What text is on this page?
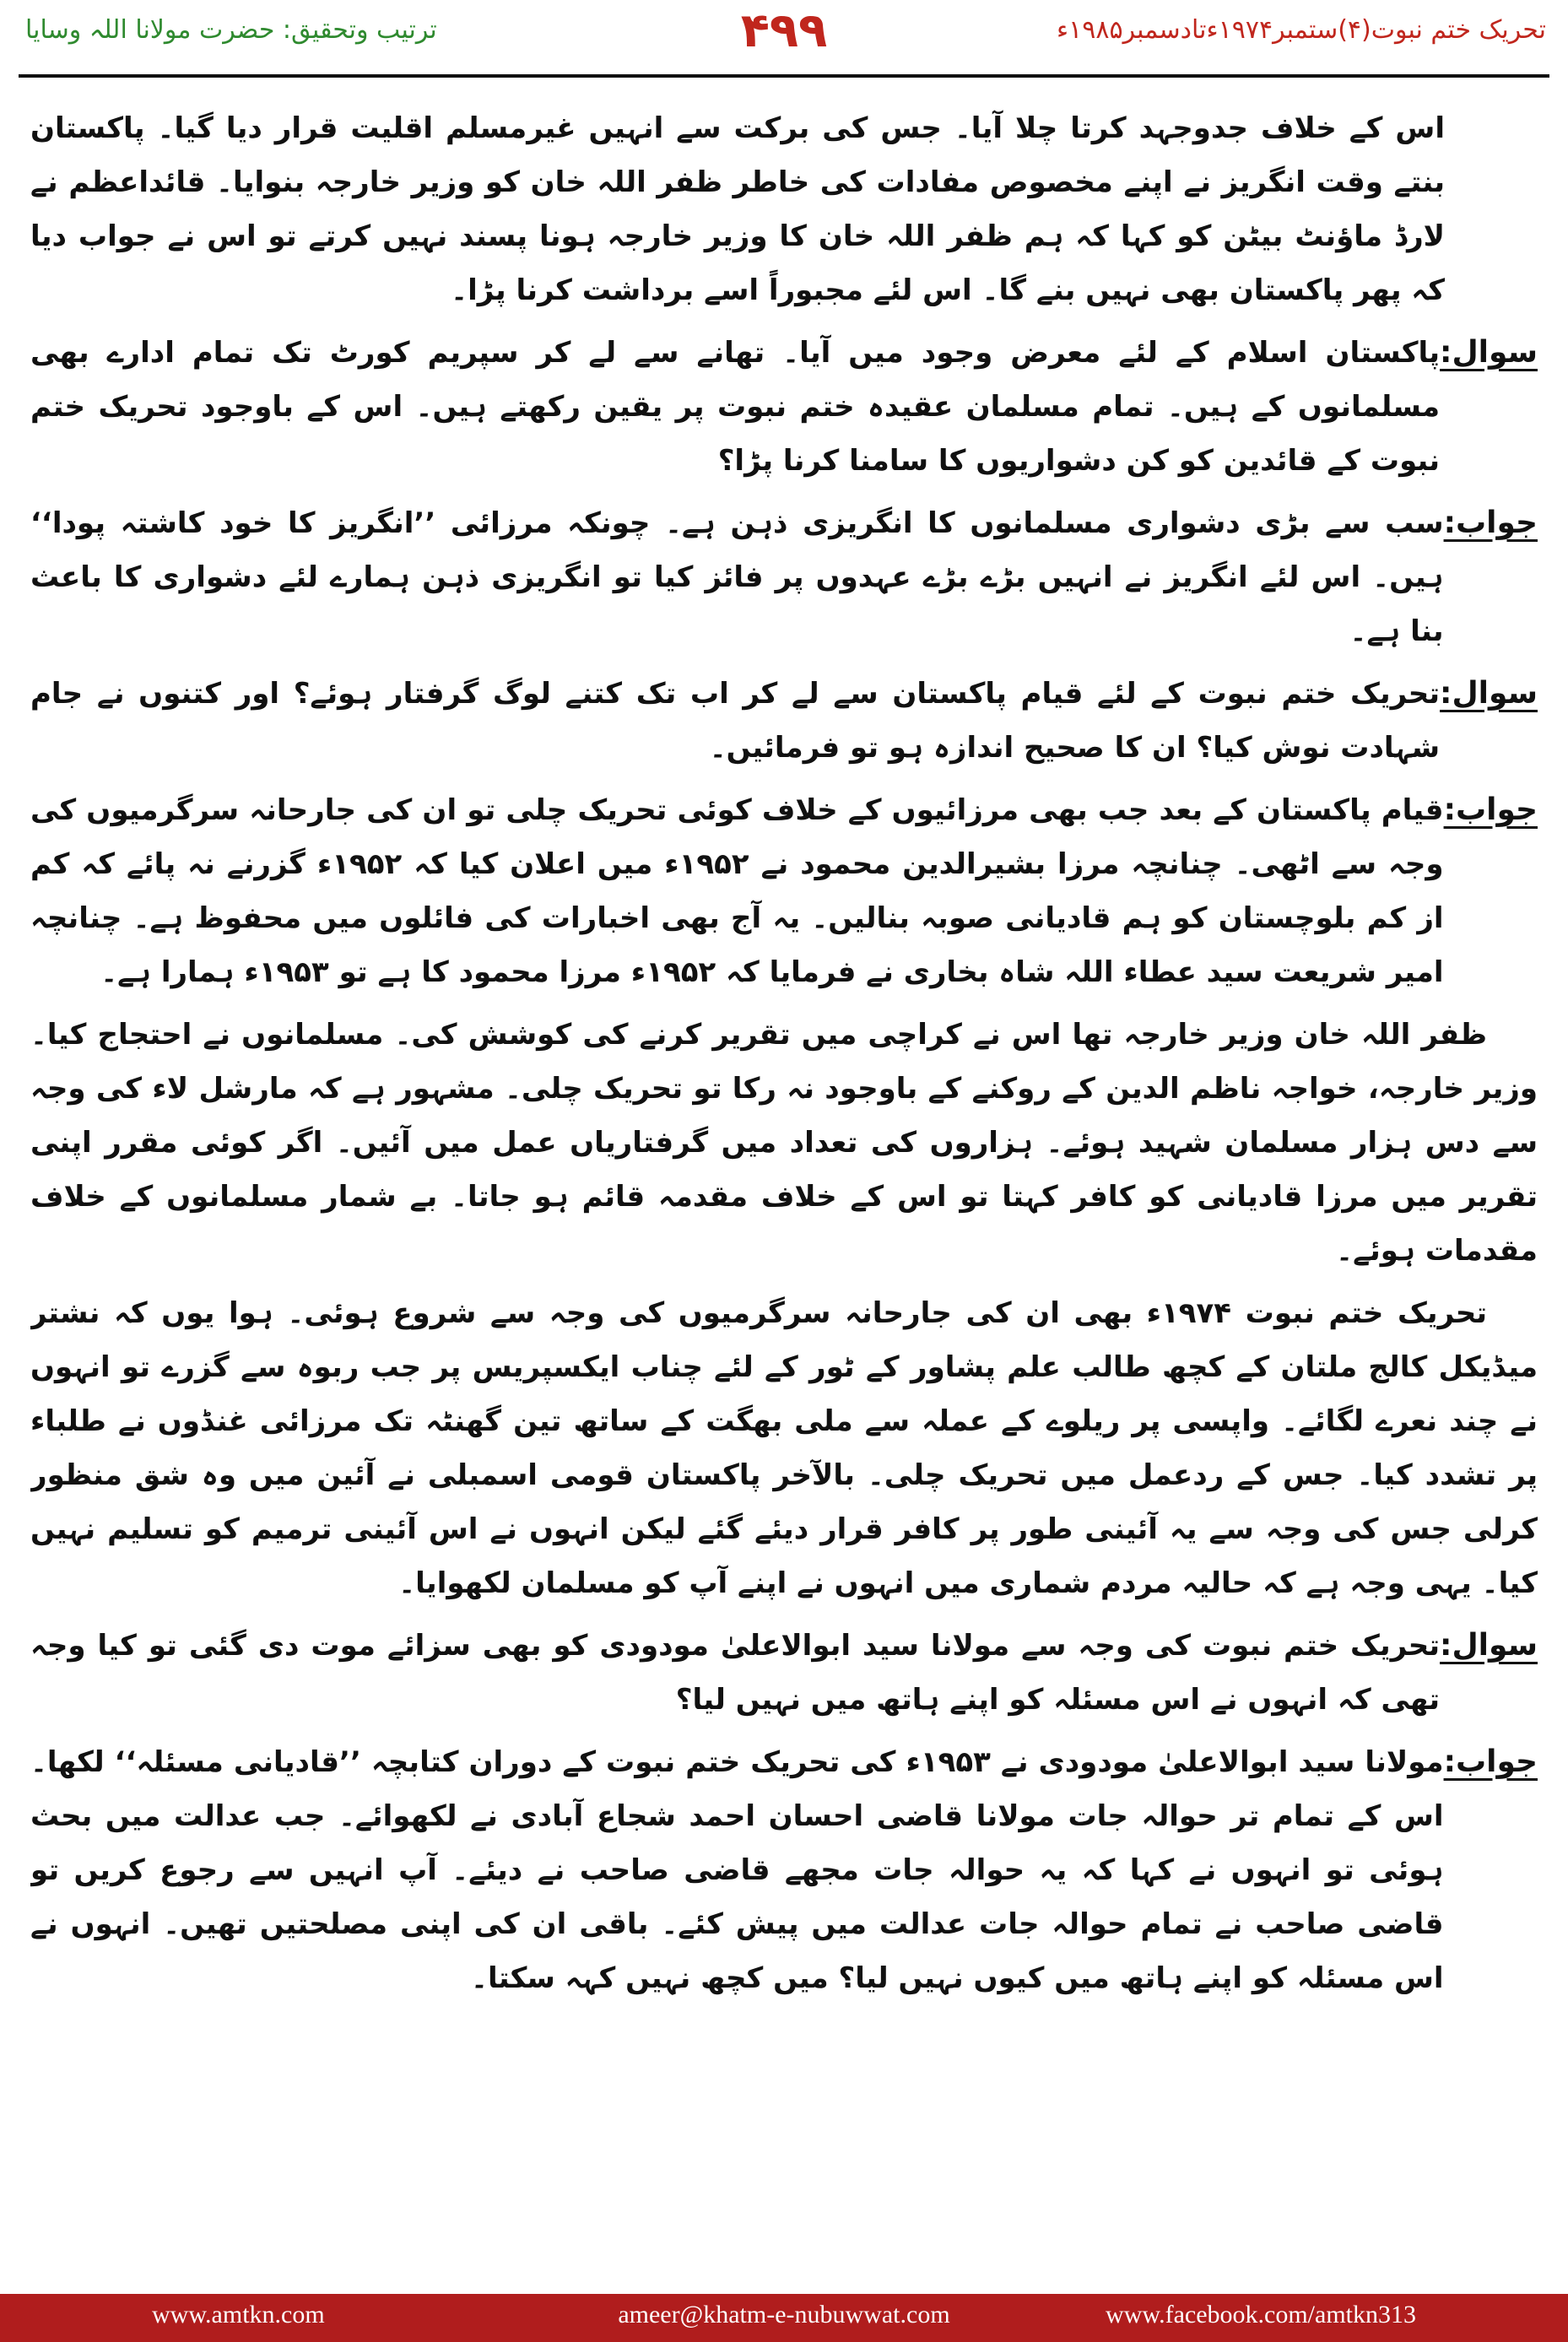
ترتیب وتحقیق: حضرت مولانا اللہ وسایا	۴۹۹	تحریک ختم نبوت(۴)ستمبر۱۹۷۴ءتادسمبر۱۹۸۵ء
اس کے خلاف جدوجہد کرتا چلا آیا۔ جس کی برکت سے انہیں غیرمسلم اقلیت قرار دیا گیا۔ پاکستان بنتے وقت انگریز نے اپنے مخصوص مفادات کی خاطر ظفر اللہ خان کو وزیر خارجہ بنوایا۔ قائداعظم نے لارڈ ماؤنٹ بیٹن کو کہا کہ ہم ظفر اللہ خان کا وزیر خارجہ ہونا پسند نہیں کرتے تو اس نے جواب دیا کہ پھر پاکستان بھی نہیں بنے گا۔ اس لئے مجبوراً اسے برداشت کرنا پڑا۔
سوال:
پاکستان اسلام کے لئے معرض وجود میں آیا۔ تھانے سے لے کر سپریم کورٹ تک تمام ادارے بھی مسلمانوں کے ہیں۔ تمام مسلمان عقیدہ ختم نبوت پر یقین رکھتے ہیں۔ اس کے باوجود تحریک ختم نبوت کے قائدین کو کن دشواریوں کا سامنا کرنا پڑا؟
جواب:
سب سے بڑی دشواری مسلمانوں کا انگریزی ذہن ہے۔ چونکہ مرزائی ’’انگریز کا خود کاشتہ پودا‘‘ ہیں۔ اس لئے انگریز نے انہیں بڑے بڑے عہدوں پر فائز کیا تو انگریزی ذہن ہمارے لئے دشواری کا باعث بنا ہے۔
سوال:
تحریک ختم نبوت کے لئے قیام پاکستان سے لے کر اب تک کتنے لوگ گرفتار ہوئے؟ اور کتنوں نے جام شہادت نوش کیا؟ ان کا صحیح اندازہ ہو تو فرمائیں۔
جواب:
قیام پاکستان کے بعد جب بھی مرزائیوں کے خلاف کوئی تحریک چلی تو ان کی جارحانہ سرگرمیوں کی وجہ سے اٹھی۔ چنانچہ مرزا بشیرالدین محمود نے ۱۹۵۲ء میں اعلان کیا کہ ۱۹۵۲ء گزرنے نہ پائے کہ کم از کم بلوچستان کو ہم قادیانی صوبہ بنالیں۔ یہ آج بھی اخبارات کی فائلوں میں محفوظ ہے۔ چنانچہ امیر شریعت سید عطاء اللہ شاہ بخاری نے فرمایا کہ ۱۹۵۲ء مرزا محمود کا ہے تو ۱۹۵۳ء ہمارا ہے۔
ظفر اللہ خان وزیر خارجہ تھا اس نے کراچی میں تقریر کرنے کی کوشش کی۔ مسلمانوں نے احتجاج کیا۔ وزیر خارجہ، خواجہ ناظم الدین کے روکنے کے باوجود نہ رکا تو تحریک چلی۔ مشہور ہے کہ مارشل لاء کی وجہ سے دس ہزار مسلمان شہید ہوئے۔ ہزاروں کی تعداد میں گرفتاریاں عمل میں آئیں۔ اگر کوئی مقرر اپنی تقریر میں مرزا قادیانی کو کافر کہتا تو اس کے خلاف مقدمہ قائم ہو جاتا۔ بے شمار مسلمانوں کے خلاف مقدمات ہوئے۔
تحریک ختم نبوت ۱۹۷۴ء بھی ان کی جارحانہ سرگرمیوں کی وجہ سے شروع ہوئی۔ ہوا یوں کہ نشتر میڈیکل کالج ملتان کے کچھ طالب علم پشاور کے ٹور کے لئے چناب ایکسپریس پر جب ربوہ سے گزرے تو انہوں نے چند نعرے لگائے۔ واپسی پر ریلوے کے عملہ سے ملی بھگت کے ساتھ تین گھنٹہ تک مرزائی غنڈوں نے طلباء پر تشدد کیا۔ جس کے ردعمل میں تحریک چلی۔ بالآخر پاکستان قومی اسمبلی نے آئین میں وہ شق منظور کرلی جس کی وجہ سے یہ آئینی طور پر کافر قرار دیئے گئے لیکن انہوں نے اس آئینی ترمیم کو تسلیم نہیں کیا۔ یہی وجہ ہے کہ حالیہ مردم شماری میں انہوں نے اپنے آپ کو مسلمان لکھوایا۔
سوال:
تحریک ختم نبوت کی وجہ سے مولانا سید ابوالاعلیٰ مودودی کو بھی سزائے موت دی گئی تو کیا وجہ تھی کہ انہوں نے اس مسئلہ کو اپنے ہاتھ میں نہیں لیا؟
جواب:
مولانا سید ابوالاعلیٰ مودودی نے ۱۹۵۳ء کی تحریک ختم نبوت کے دوران کتابچہ ’’قادیانی مسئلہ‘‘ لکھا۔ اس کے تمام تر حوالہ جات مولانا قاضی احسان احمد شجاع آبادی نے لکھوائے۔ جب عدالت میں بحث ہوئی تو انہوں نے کہا کہ یہ حوالہ جات مجھے قاضی صاحب نے دیئے۔ آپ انہیں سے رجوع کریں تو قاضی صاحب نے تمام حوالہ جات عدالت میں پیش کئے۔ باقی ان کی اپنی مصلحتیں تھیں۔ انہوں نے اس مسئلہ کو اپنے ہاتھ میں کیوں نہیں لیا؟ میں کچھ نہیں کہہ سکتا۔
www.amtkn.com	ameer@khatm-e-nubuwwat.com	www.facebook.com/amtkn313
